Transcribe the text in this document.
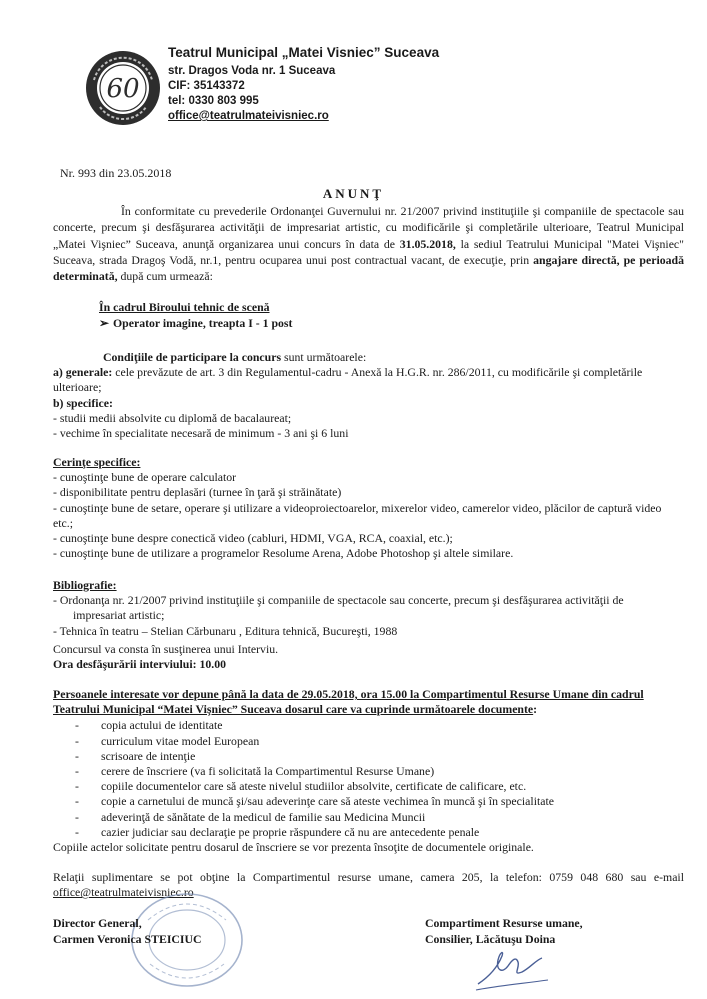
60
Teatrul Municipal „Matei Visniec” Suceava
str. Dragos Voda nr. 1 Suceava
CIF: 35143372
tel: 0330 803 995
office@teatrulmateivisniec.ro
Nr. 993 din 23.05.2018
ANUNŢ

În conformitate cu prevederile Ordonanţei Guvernului nr. 21/2007 privind instituţiile şi companiile de spectacole sau concerte, precum şi desfăşurarea activităţii de impresariat artistic, cu modificările şi completările ulterioare, Teatrul Municipal „Matei Vişniec” Suceava, anunţă organizarea unui concurs în data de 31.05.2018, la sediul Teatrului Municipal "Matei Vişniec" Suceava, strada Dragoş Vodă, nr.1, pentru ocuparea unui post contractual vacant, de execuţie, prin angajare directă, pe perioadă determinată, după cum urmează:

În cadrul Biroului tehnic de scenă
➢ Operator imagine, treapta I - 1 post

Condiţiile de participare la concurs sunt următoarele:

a) generale: cele prevăzute de art. 3 din Regulamentul-cadru - Anexă la H.G.R. nr. 286/2011, cu modificările şi completările ulterioare;

b) specifice:

- studii medii absolvite cu diplomă de bacalaureat;

- vechime în specialitate necesară de minimum - 3 ani şi 6 luni

Cerinţe specifice:

- cunoştinţe bune de operare calculator

- disponibilitate pentru deplasări (turnee în ţară şi străinătate)

- cunoştinţe bune de setare, operare şi utilizare a videoproiectoarelor, mixerelor video, camerelor video, plăcilor de captură video etc.;

- cunoştinţe bune despre conectică video (cabluri, HDMI, VGA, RCA, coaxial, etc.);

- cunoştinţe bune de utilizare a programelor Resolume Arena, Adobe Photoshop şi altele similare.

Bibliografie:

- Ordonanţa nr. 21/2007 privind instituţiile şi companiile de spectacole sau concerte, precum şi desfăşurarea activităţii de

impresariat artistic;

- Tehnica în teatru – Stelian Cărbunaru , Editura tehnică, Bucureşti, 1988

Concursul va consta în susţinerea unui Interviu.

Ora desfăşurării interviului: 10.00

Persoanele interesate vor depune până la data de 29.05.2018, ora 15.00 la Compartimentul Resurse Umane din cadrul Teatrului Municipal “Matei Vişniec” Suceava dosarul care va cuprinde următoarele documente:

- copia actului de identitate
- curriculum vitae model European
- scrisoare de intenţie
- cerere de înscriere (va fi solicitată la Compartimentul Resurse Umane)
- copiile documentelor care să ateste nivelul studiilor absolvite, certificate de calificare, etc.
- copie a carnetului de muncă şi/sau adeverinţe care să ateste vechimea în muncă şi în specialitate
- adeverinţă de sănătate de la medicul de familie sau Medicina Muncii
- cazier judiciar sau declaraţie pe proprie răspundere că nu are antecedente penale

Copiile actelor solicitate pentru dosarul de înscriere se vor prezenta însoţite de documentele originale.

Relaţii suplimentare se pot obţine la Compartimentul resurse umane, camera 205, la telefon: 0759 048 680 sau e-mail office@teatrulmateivisniec.ro

Director General,
Carmen Veronica STEICIUC
Compartiment Resurse umane,
Consilier, Lăcătuşu Doina
